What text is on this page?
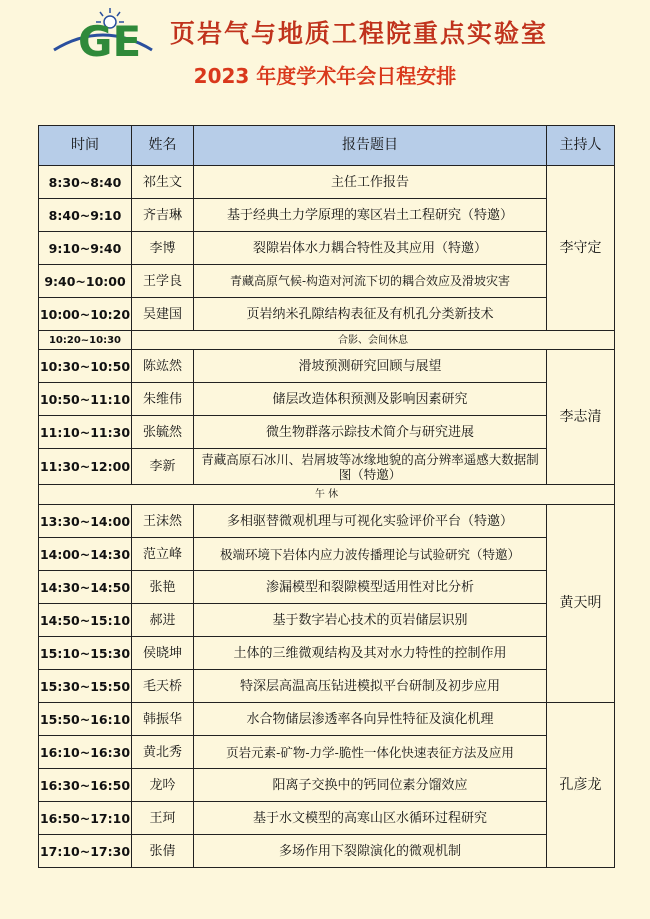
GE 页岩气与地质工程院重点实验室
2023 年度学术年会日程安排
时间	姓名	报告题目	主持人
8:30~8:40	祁生文	主任工作报告	李守定
8:40~9:10	齐吉琳	基于经典土力学原理的寒区岩土工程研究（特邀）	
9:10~9:40	李博	裂隙岩体水力耦合特性及其应用（特邀）	
9:40~10:00	王学良	青藏高原气候-构造对河流下切的耦合效应及滑坡灾害	
10:00~10:20	吴建国	页岩纳米孔隙结构表征及有机孔分类新技术	
10:20~10:30	合影、会间休息		
10:30~10:50	陈竑然	滑坡预测研究回顾与展望	李志清
10:50~11:10	朱维伟	储层改造体积预测及影响因素研究	
11:10~11:30	张毓然	微生物群落示踪技术简介与研究进展	
11:30~12:00	李新	青藏高原石冰川、岩屑坡等冰缘地貌的高分辨率遥感大数据制图（特邀）	
午 休			
13:30~14:00	王沫然	多相驱替微观机理与可视化实验评价平台（特邀）	黄天明
14:00~14:30	范立峰	极端环境下岩体内应力波传播理论与试验研究（特邀）	
14:30~14:50	张艳	渗漏模型和裂隙模型适用性对比分析	
14:50~15:10	郝进	基于数字岩心技术的页岩储层识别	
15:10~15:30	侯晓坤	土体的三维微观结构及其对水力特性的控制作用	
15:30~15:50	毛天桥	特深层高温高压钻进模拟平台研制及初步应用	
15:50~16:10	韩振华	水合物储层渗透率各向异性特征及演化机理	孔彦龙
16:10~16:30	黄北秀	页岩元素-矿物-力学-脆性一体化快速表征方法及应用	
16:30~16:50	龙吟	阳离子交换中的钙同位素分馏效应	
16:50~17:10	王珂	基于水文模型的高寒山区水循环过程研究	
17:10~17:30	张倩	多场作用下裂隙演化的微观机制	
